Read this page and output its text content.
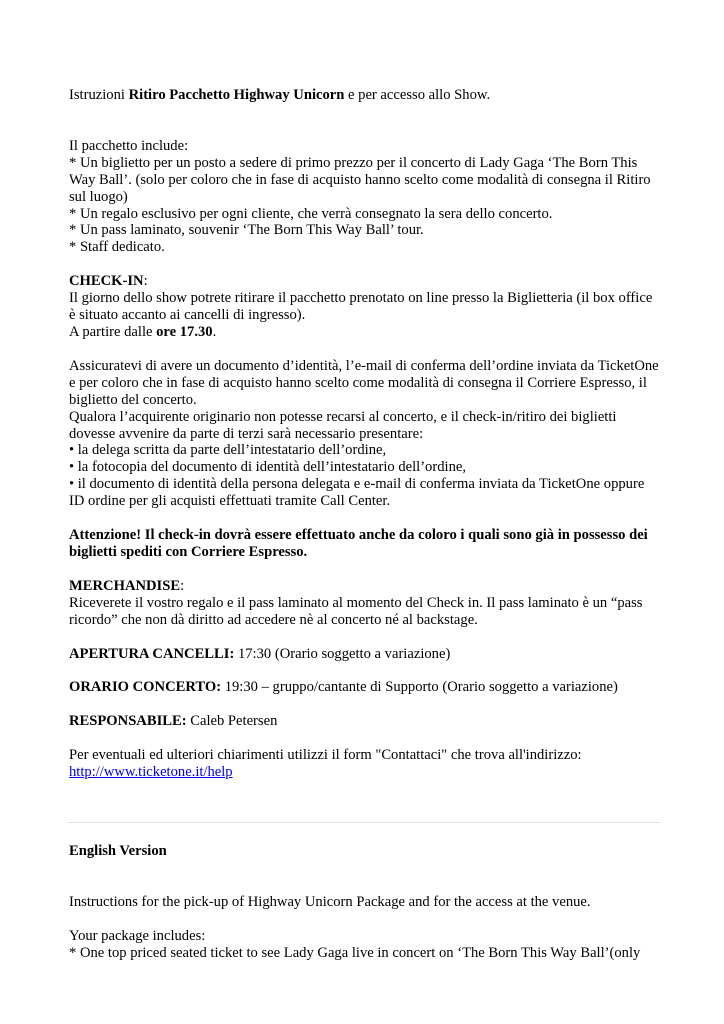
Istruzioni Ritiro Pacchetto Highway Unicorn e per accesso allo Show.

Il pacchetto include:

* Un biglietto per un posto a sedere di primo prezzo per il concerto di Lady Gaga ‘The Born This Way Ball’. (solo per coloro che in fase di acquisto hanno scelto come modalità di consegna il Ritiro sul luogo)

* Un regalo esclusivo per ogni cliente, che verrà consegnato la sera dello concerto.

* Un pass laminato, souvenir ‘The Born This Way Ball’ tour.

* Staff dedicato.

CHECK-IN:

Il giorno dello show potrete ritirare il pacchetto prenotato on line presso la Biglietteria (il box office è situato accanto ai cancelli di ingresso).

A partire dalle ore 17.30.

Assicuratevi di avere un documento d’identità, l’e-mail di conferma dell’ordine inviata da TicketOne e per coloro che in fase di acquisto hanno scelto come modalità di consegna il Corriere Espresso, il biglietto del concerto.

Qualora l’acquirente originario non potesse recarsi al concerto, e il check-in/ritiro dei biglietti dovesse avvenire da parte di terzi sarà necessario presentare:

• la delega scritta da parte dell’intestatario dell’ordine,

• la fotocopia del documento di identità dell’intestatario dell’ordine,

• il documento di identità della persona delegata e e-mail di conferma inviata da TicketOne oppure ID ordine per gli acquisti effettuati tramite Call Center.

Attenzione! Il check-in dovrà essere effettuato anche da coloro i quali sono già in possesso dei biglietti spediti con Corriere Espresso.

MERCHANDISE:

Riceverete il vostro regalo e il pass laminato al momento del Check in. Il pass laminato è un “pass ricordo” che non dà diritto ad accedere nè al concerto né al backstage.

APERTURA CANCELLI: 17:30 (Orario soggetto a variazione)

ORARIO CONCERTO: 19:30 – gruppo/cantante di Supporto (Orario soggetto a variazione)

RESPONSABILE: Caleb Petersen

Per eventuali ed ulteriori chiarimenti utilizzi il form "Contattaci" che trova all'indirizzo:

http://www.ticketone.it/help

English Version

Instructions for the pick-up of Highway Unicorn Package and for the access at the venue.

Your package includes:

* One top priced seated ticket to see Lady Gaga live in concert on ‘The Born This Way Ball’(only
